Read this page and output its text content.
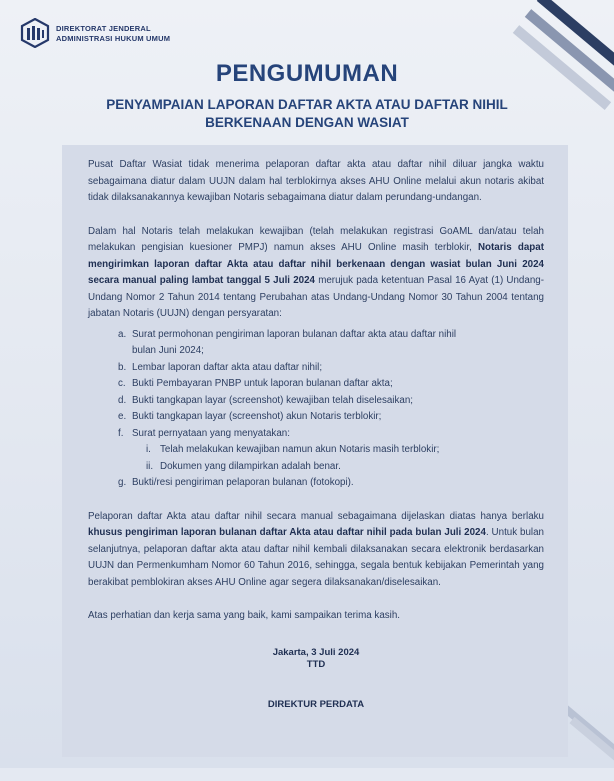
DIREKTORAT JENDERAL
ADMINISTRASI HUKUM UMUM
PENGUMUMAN
PENYAMPAIAN LAPORAN DAFTAR AKTA ATAU DAFTAR NIHIL
BERKENAAN DENGAN WASIAT

Pusat Daftar Wasiat tidak menerima pelaporan daftar akta atau daftar nihil diluar jangka waktu sebagaimana diatur dalam UUJN dalam hal terblokirnya akses AHU Online melalui akun notaris akibat tidak dilaksanakannya kewajiban Notaris sebagaimana diatur dalam perundang-undangan.

Dalam hal Notaris telah melakukan kewajiban (telah melakukan registrasi GoAML dan/atau telah melakukan pengisian kuesioner PMPJ) namun akses AHU Online masih terblokir, Notaris dapat mengirimkan laporan daftar Akta atau daftar nihil berkenaan dengan wasiat bulan Juni 2024 secara manual paling lambat tanggal 5 Juli 2024 merujuk pada ketentuan Pasal 16 Ayat (1) Undang-Undang Nomor 2 Tahun 2014 tentang Perubahan atas Undang-Undang Nomor 30 Tahun 2004 tentang jabatan Notaris (UUJN) dengan persyaratan:

a. Surat permohonan pengiriman laporan bulanan daftar akta atau daftar nihil
bulan Juni 2024;
b. Lembar laporan daftar akta atau daftar nihil;
c. Bukti Pembayaran PNBP untuk laporan bulanan daftar akta;
d. Bukti tangkapan layar (screenshot) kewajiban telah diselesaikan;
e. Bukti tangkapan layar (screenshot) akun Notaris terblokir;
f. Surat pernyataan yang menyatakan:
i. Telah melakukan kewajiban namun akun Notaris masih terblokir;
ii. Dokumen yang dilampirkan adalah benar.
g. Bukti/resi pengiriman pelaporan bulanan (fotokopi).

Pelaporan daftar Akta atau daftar nihil secara manual sebagaimana dijelaskan diatas hanya berlaku khusus pengiriman laporan bulanan daftar Akta atau daftar nihil pada bulan Juli 2024. Untuk bulan selanjutnya, pelaporan daftar akta atau daftar nihil kembali dilaksanakan secara elektronik berdasarkan UUJN dan Permenkumham Nomor 60 Tahun 2016, sehingga, segala bentuk kebijakan Pemerintah yang berakibat pemblokiran akses AHU Online agar segera dilaksanakan/diselesaikan.

Atas perhatian dan kerja sama yang baik, kami sampaikan terima kasih.

Jakarta, 3 Juli 2024
TTD
DIREKTUR PERDATA
